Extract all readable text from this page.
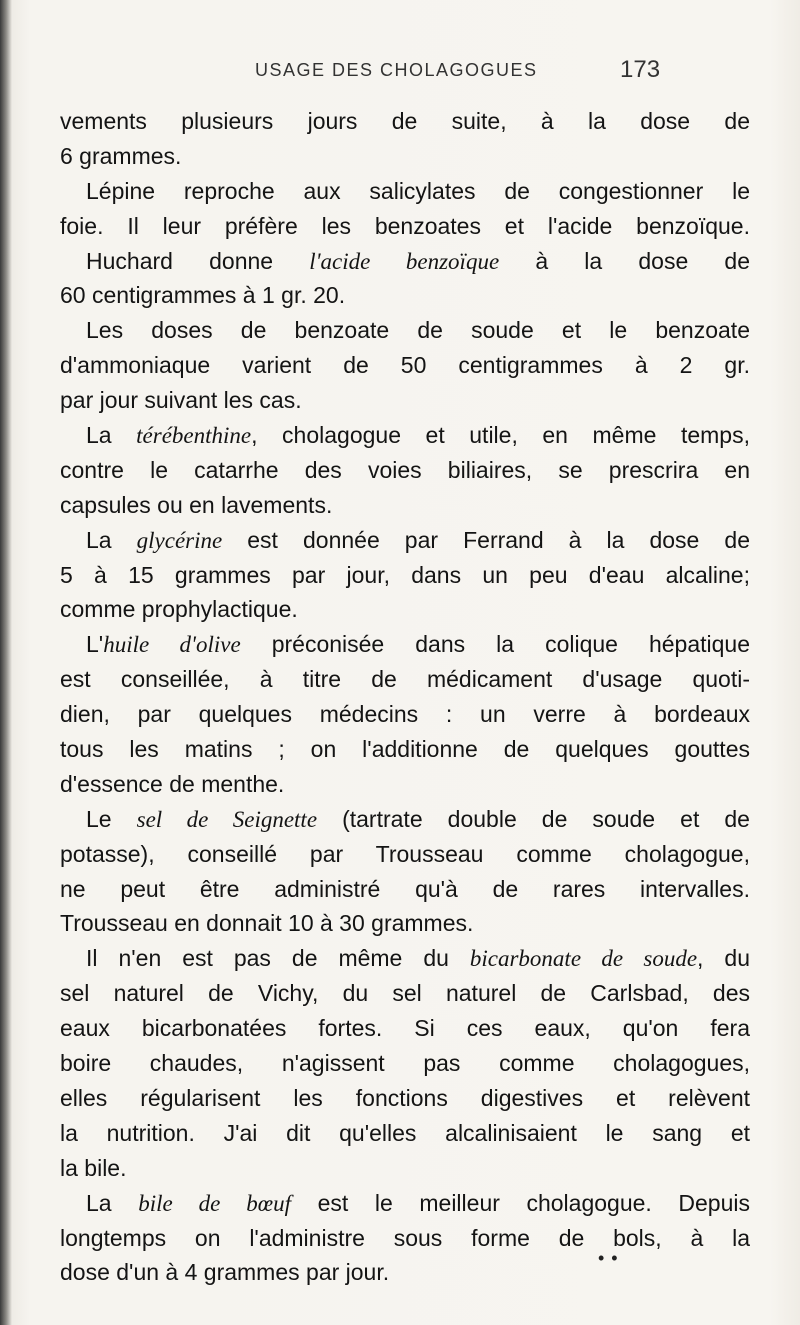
USAGE DES CHOLAGOGUES	173
vements plusieurs jours de suite, à la dose de
6 grammes.
Lépine reproche aux salicylates de congestionner le
foie. Il leur préfère les benzoates et l'acide benzoïque.
Huchard donne l'acide benzoïque à la dose de
60 centigrammes à 1 gr. 20.
Les doses de benzoate de soude et le benzoate
d'ammoniaque varient de 50 centigrammes à 2 gr.
par jour suivant les cas.
La térébenthine, cholagogue et utile, en même temps,
contre le catarrhe des voies biliaires, se prescrira en
capsules ou en lavements.
La glycérine est donnée par Ferrand à la dose de
5 à 15 grammes par jour, dans un peu d'eau alcaline;
comme prophylactique.
L'huile d'olive préconisée dans la colique hépatique
est conseillée, à titre de médicament d'usage quoti-
dien, par quelques médecins : un verre à bordeaux
tous les matins ; on l'additionne de quelques gouttes
d'essence de menthe.
Le sel de Seignette (tartrate double de soude et de
potasse), conseillé par Trousseau comme cholagogue,
ne peut être administré qu'à de rares intervalles.
Trousseau en donnait 10 à 30 grammes.
Il n'en est pas de même du bicarbonate de soude, du
sel naturel de Vichy, du sel naturel de Carlsbad, des
eaux bicarbonatées fortes. Si ces eaux, qu'on fera
boire chaudes, n'agissent pas comme cholagogues,
elles régularisent les fonctions digestives et relèvent
la nutrition. J'ai dit qu'elles alcalinisaient le sang et
la bile.
La bile de bœuf est le meilleur cholagogue. Depuis
longtemps on l'administre sous forme de bols, à la
dose d'un à 4 grammes par jour.
• •
